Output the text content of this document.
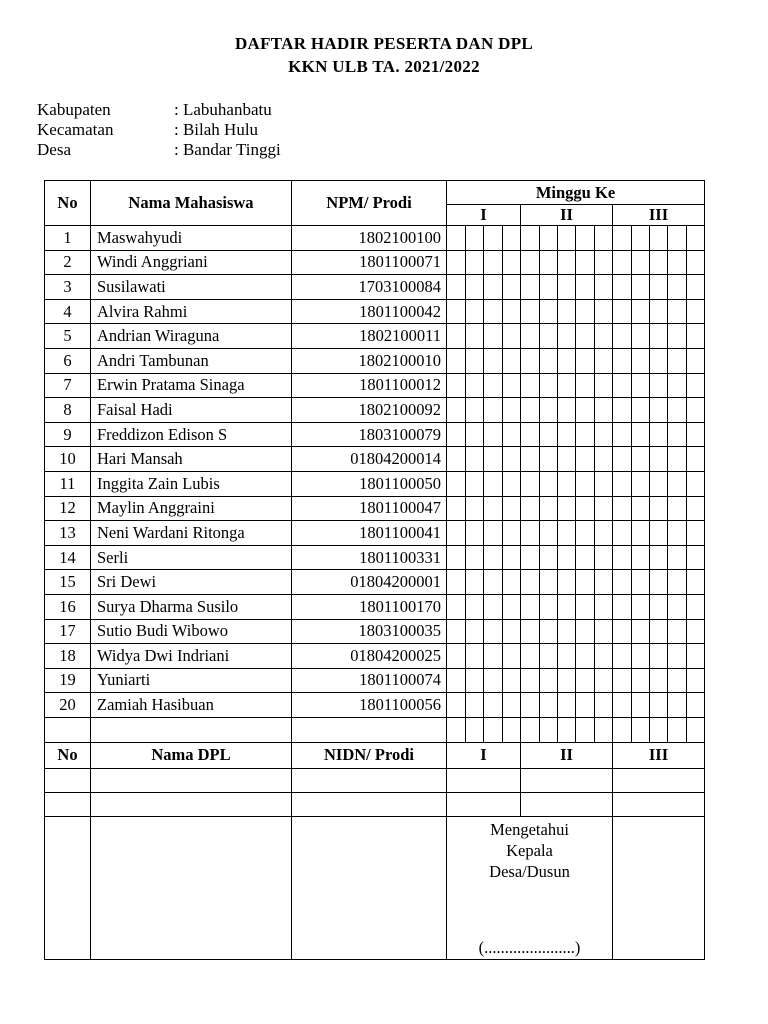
DAFTAR HADIR PESERTA DAN DPL
KKN ULB TA. 2021/2022
Kabupaten	: Labuhanbatu
Kecamatan	: Bilah Hulu
Desa	: Bandar Tinggi
No	Nama Mahasiswa	NPM/ Prodi	Minggu Ke													
			I				II					III				
1	Maswahyudi	1802100100														
2	Windi Anggriani	1801100071														
3	Susilawati	1703100084														
4	Alvira Rahmi	1801100042														
5	Andrian Wiraguna	1802100011														
6	Andri Tambunan	1802100010														
7	Erwin Pratama Sinaga	1801100012														
8	Faisal Hadi	1802100092														
9	Freddizon Edison S	1803100079														
10	Hari Mansah	01804200014														
11	Inggita Zain Lubis	1801100050														
12	Maylin Anggraini	1801100047														
13	Neni Wardani Ritonga	1801100041														
14	Serli	1801100331														
15	Sri Dewi	01804200001														
16	Surya Dharma Susilo	1801100170														
17	Sutio Budi Wibowo	1803100035														
18	Widya Dwi Indriani	01804200025														
19	Yuniarti	1801100074														
20	Zamiah Hasibuan	1801100056														

No	Nama DPL	NIDN/ Prodi	I				II					III				

			Mengetahui
Kepala
Desa/Dusun
(......................)													
